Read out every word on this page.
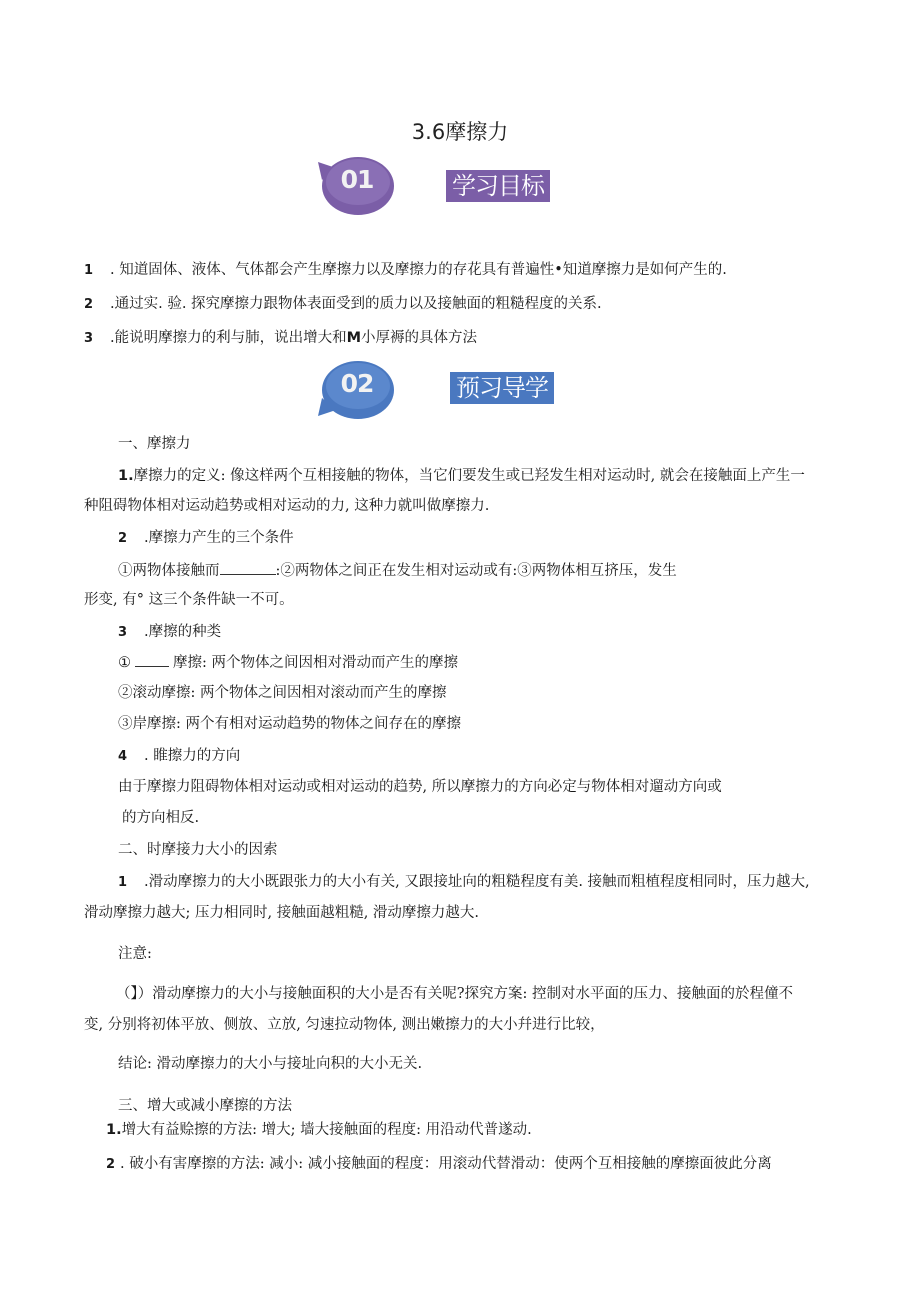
3.6摩擦力
01	学习目标
1 . 知道固体、液体、气体都会产生摩擦力以及摩擦力的存花具有普遍性•知道摩擦力是如何产生的.
2 .通过实. 验. 探究摩擦力跟物体表面受到的质力以及接触面的粗糙程度的关系.
3 .能说明摩擦力的利与肺，说出增大和M小厚褥的具体方法
02	预习导学
一、摩擦力
1.摩擦力的定义: 像这样两个互相接触的物体，当它们要发生或已羟发生相对运动时, 就会在接触面上产生一
种阻碍物体相对运动趋势或相对运动的力, 这种力就叫做摩擦力.
2 .摩擦力产生的三个条件
①两物体接触而	:②两物体之间正在发生相对运动或有:③两物体相互挤压，发生
形变, 有° 这三个条件缺一不可。
3 .摩擦的种类
①	摩擦: 两个物体之间因相对滑动而产生的摩擦
②滚动摩擦: 两个物体之间因相对滚动而产生的摩擦
③岸摩擦: 两个有相对运动趋势的物体之间存在的摩擦
4 . 睢擦力的方向
由于摩擦力阻碍物体相对运动或相对运动的趋势, 所以摩擦力的方向必定与物体相对遛动方向或
的方向相反.
二、时摩接力大小的因索
1 .滑动摩擦力的大小既跟张力的大小有关, 又跟接址向的粗糙程度有美. 接触而粗植程度相同时，压力越大,
滑动摩擦力越大; 压力相同时, 接触面越粗糙, 滑动摩擦力越大.
注意:
（】）滑动摩擦力的大小与接触面积的大小是否有关呢?探究方案: 控制对水平面的压力、接触面的於程僮不
变, 分别将初体平放、侧放、立放, 匀速拉动物体, 测出嫩擦力的大小幷进行比较，
结论: 滑动摩擦力的大小与接址向积的大小无关.
三、增大或减小摩擦的方法
1.增大有益赊擦的方法: 增大; 墙大接触面的程度: 用沿动代普遂动.
2 . 破小有害摩擦的方法: 减小: 减小接触面的程度：用滚动代替滑动：使两个互相接触的摩擦面彼此分离
